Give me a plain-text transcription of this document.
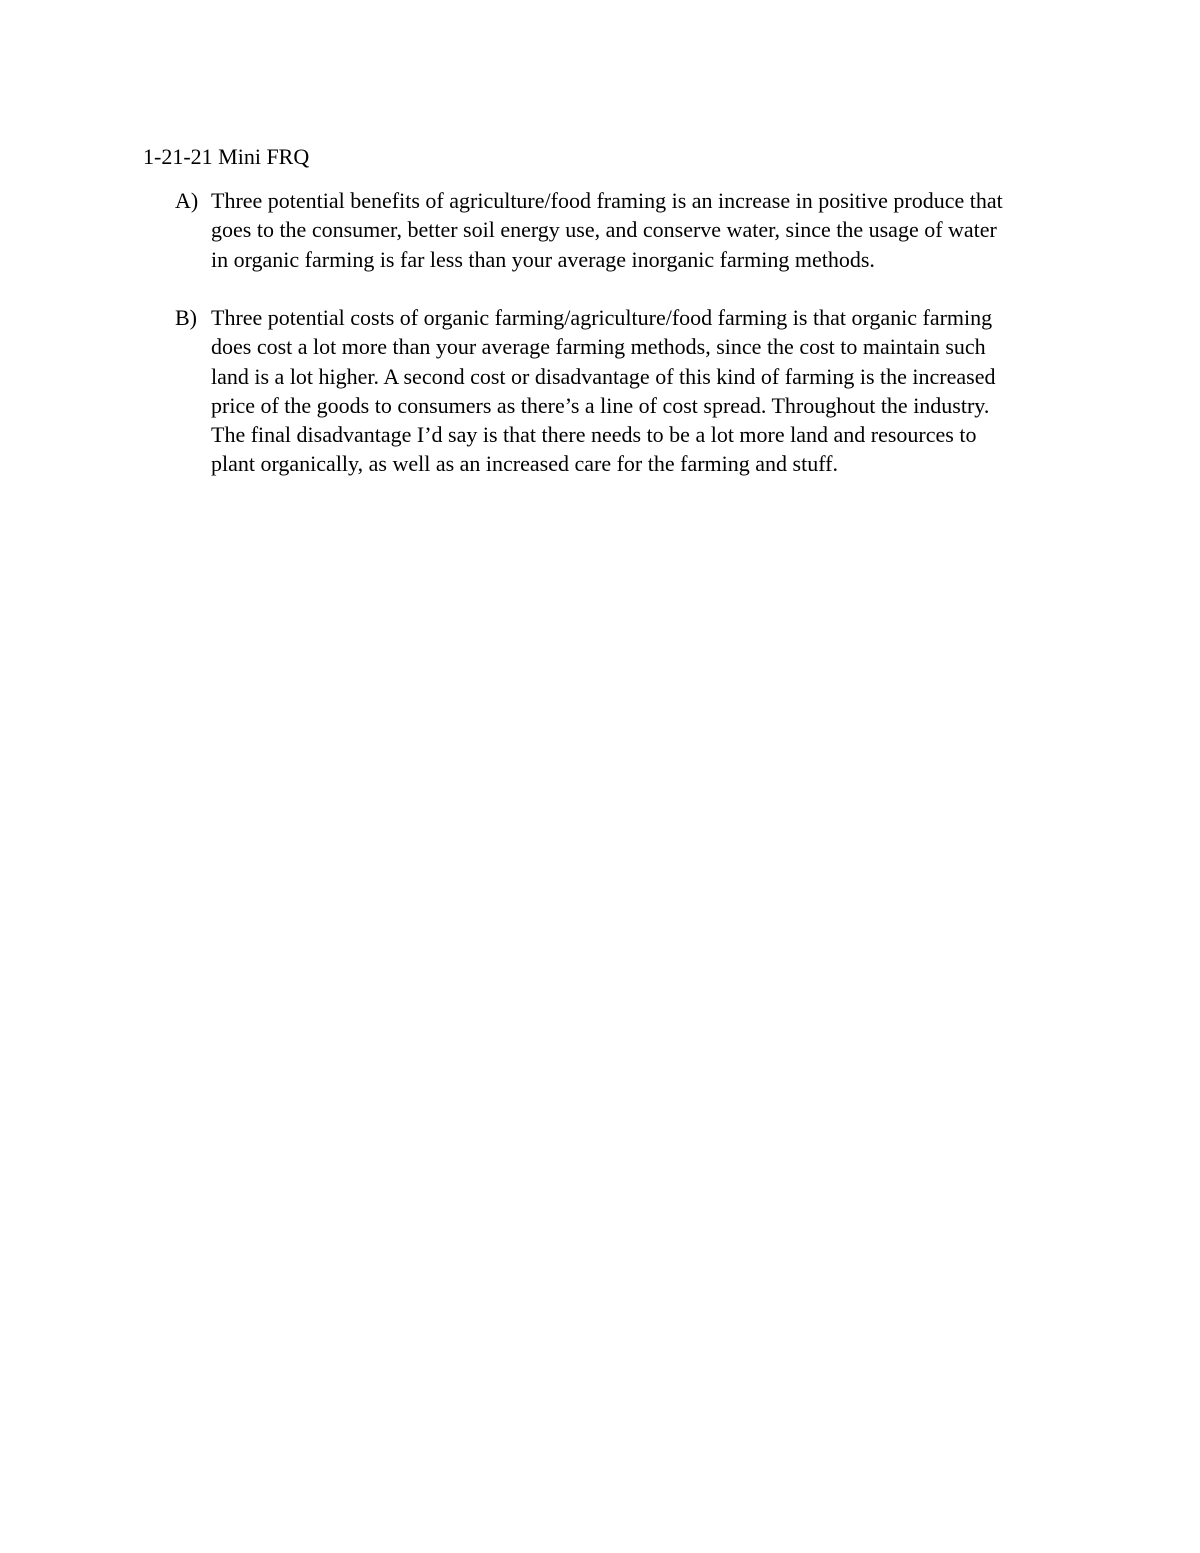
1-21-21 Mini FRQ
A) Three potential benefits of agriculture/food framing is an increase in positive produce that
goes to the consumer, better soil energy use, and conserve water, since the usage of water
in organic farming is far less than your average inorganic farming methods.
B) Three potential costs of organic farming/agriculture/food farming is that organic farming
does cost a lot more than your average farming methods, since the cost to maintain such
land is a lot higher. A second cost or disadvantage of this kind of farming is the increased
price of the goods to consumers as there’s a line of cost spread. Throughout the industry.
The final disadvantage I’d say is that there needs to be a lot more land and resources to
plant organically, as well as an increased care for the farming and stuff.
